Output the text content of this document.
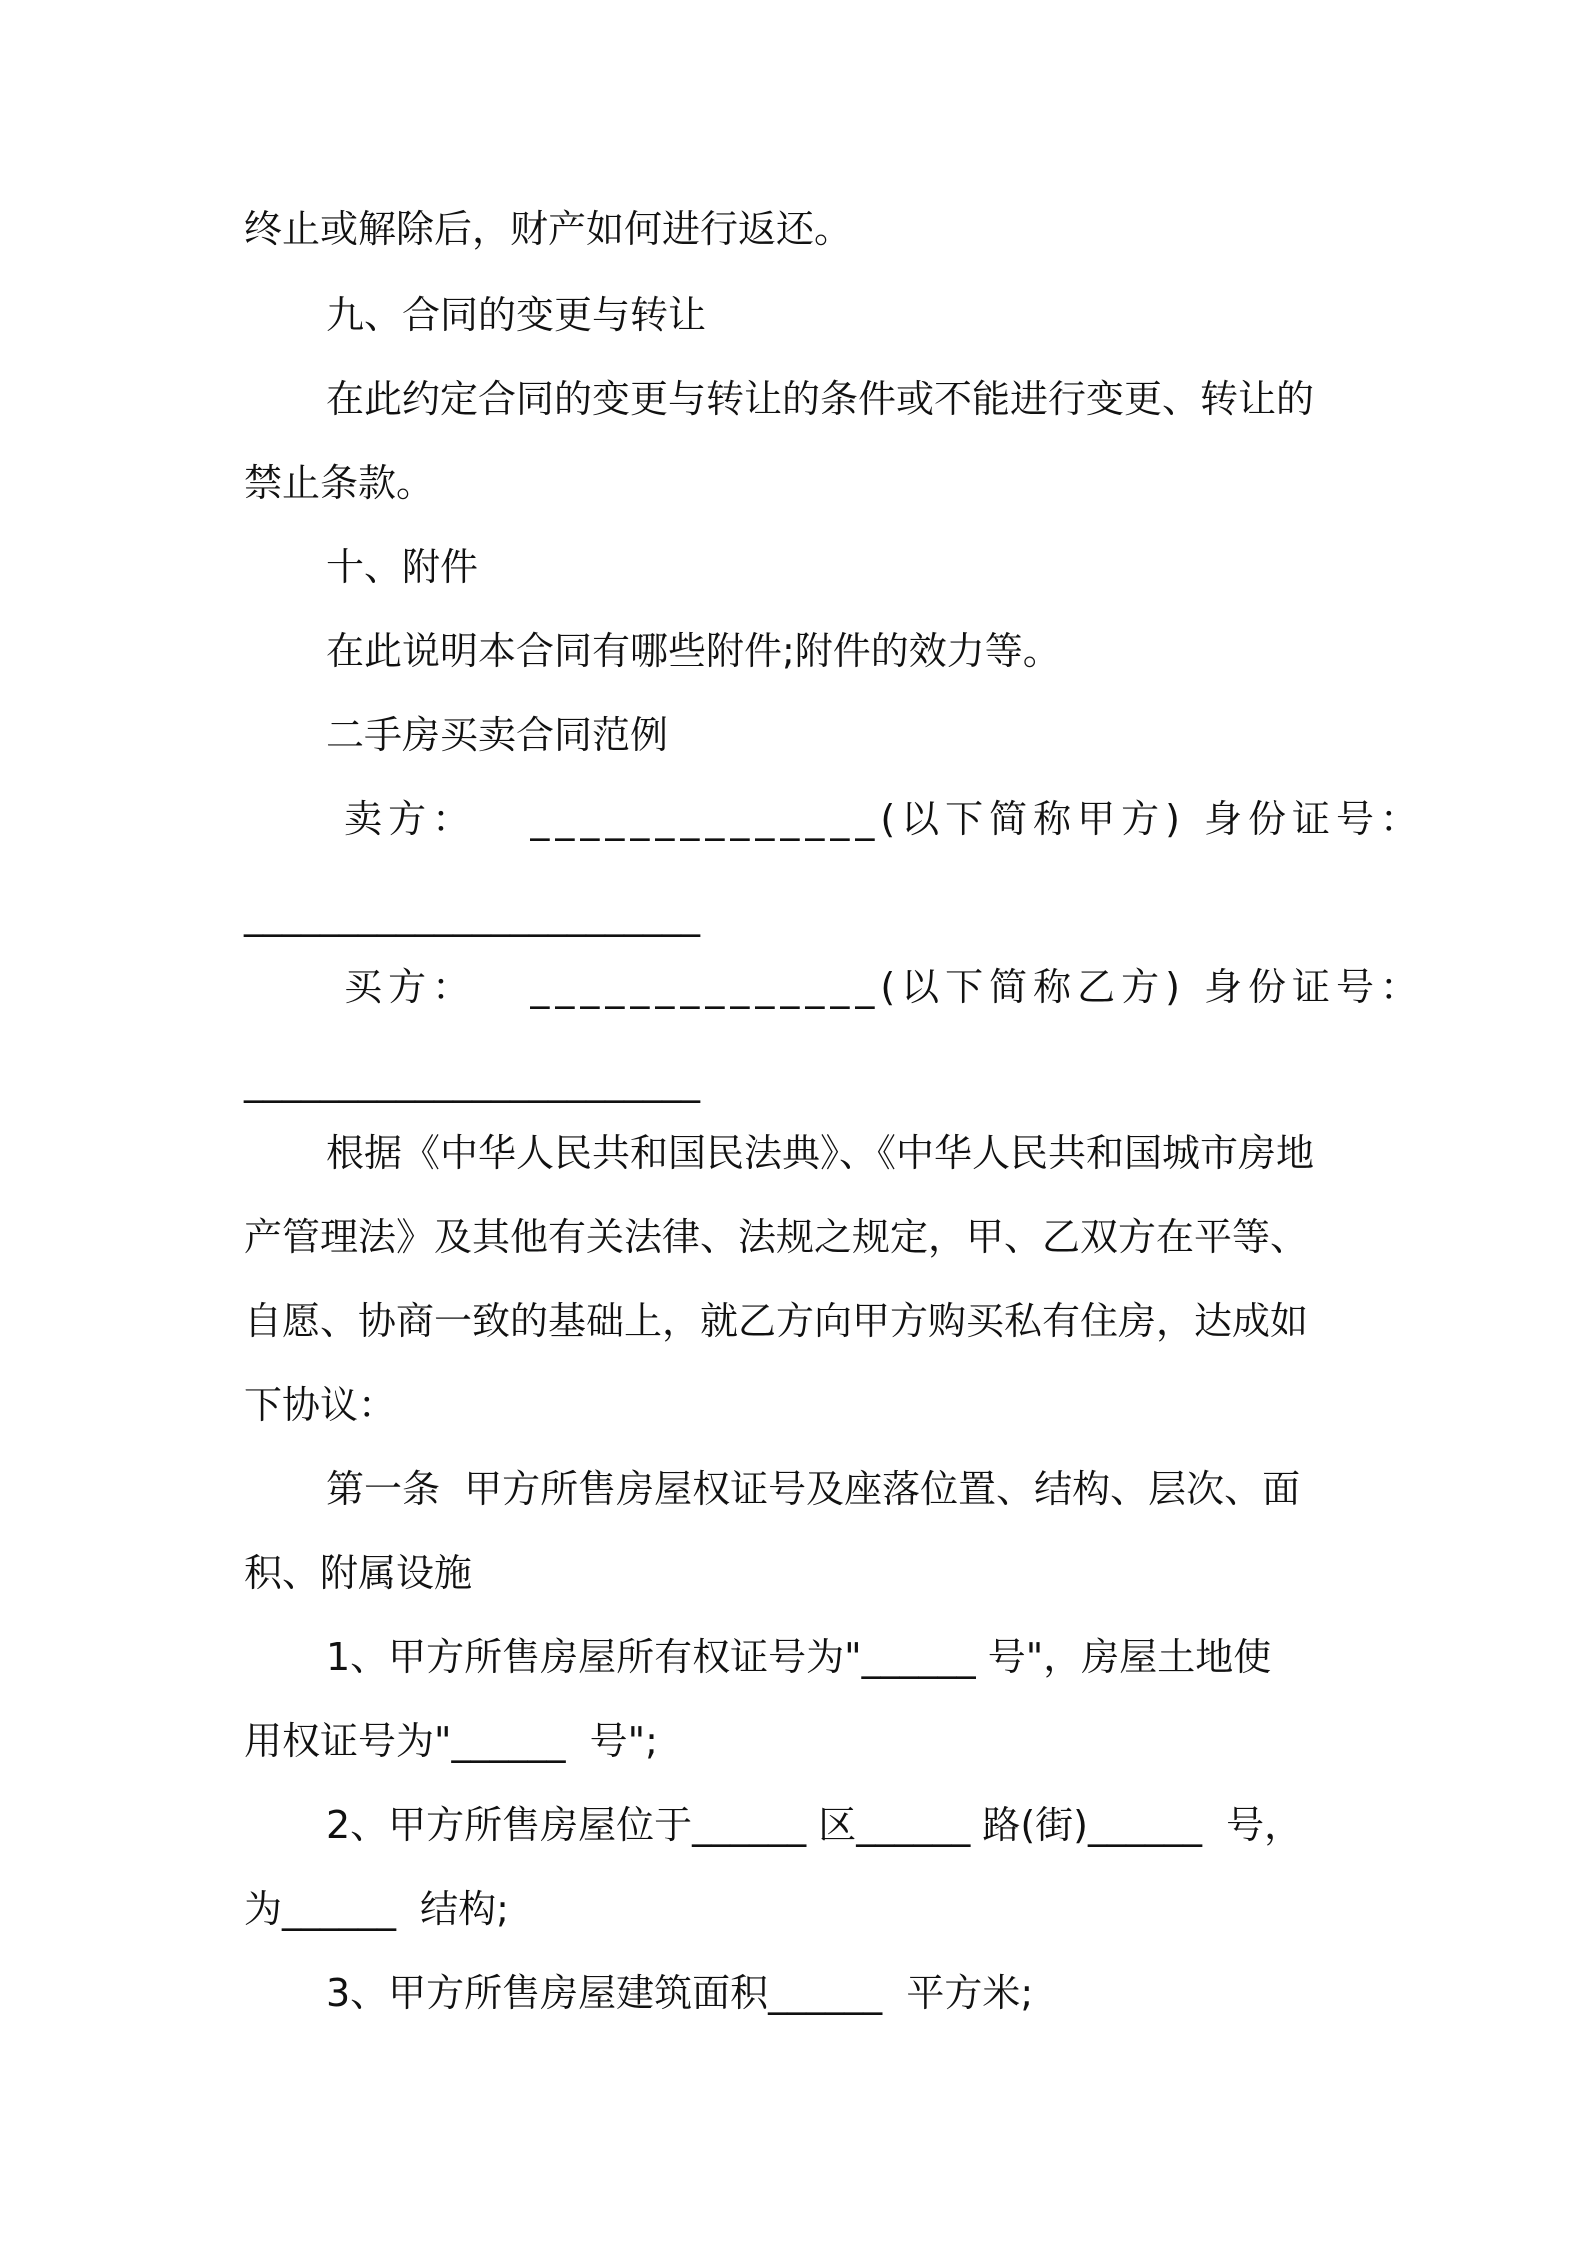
终止或解除后，财产如何进行返还。
九、合同的变更与转让
在此约定合同的变更与转让的条件或不能进行变更、转让的
禁止条款。
十、附件
在此说明本合同有哪些附件;附件的效力等。
二手房买卖合同范例
卖方：   ______________(以下简称甲方) 身份证号：
________________________
买方：   ______________(以下简称乙方) 身份证号：
________________________
根据《中华人民共和国民法典》、《中华人民共和国城市房地
产管理法》及其他有关法律、法规之规定，甲、乙双方在平等、
自愿、协商一致的基础上，就乙方向甲方购买私有住房，达成如
下协议：
第一条  甲方所售房屋权证号及座落位置、结构、层次、面
积、附属设施
1、甲方所售房屋所有权证号为"______ 号"，房屋土地使
用权证号为"______  号";
2、甲方所售房屋位于______ 区______ 路(街)______  号，
为______  结构;
3、甲方所售房屋建筑面积______  平方米;
